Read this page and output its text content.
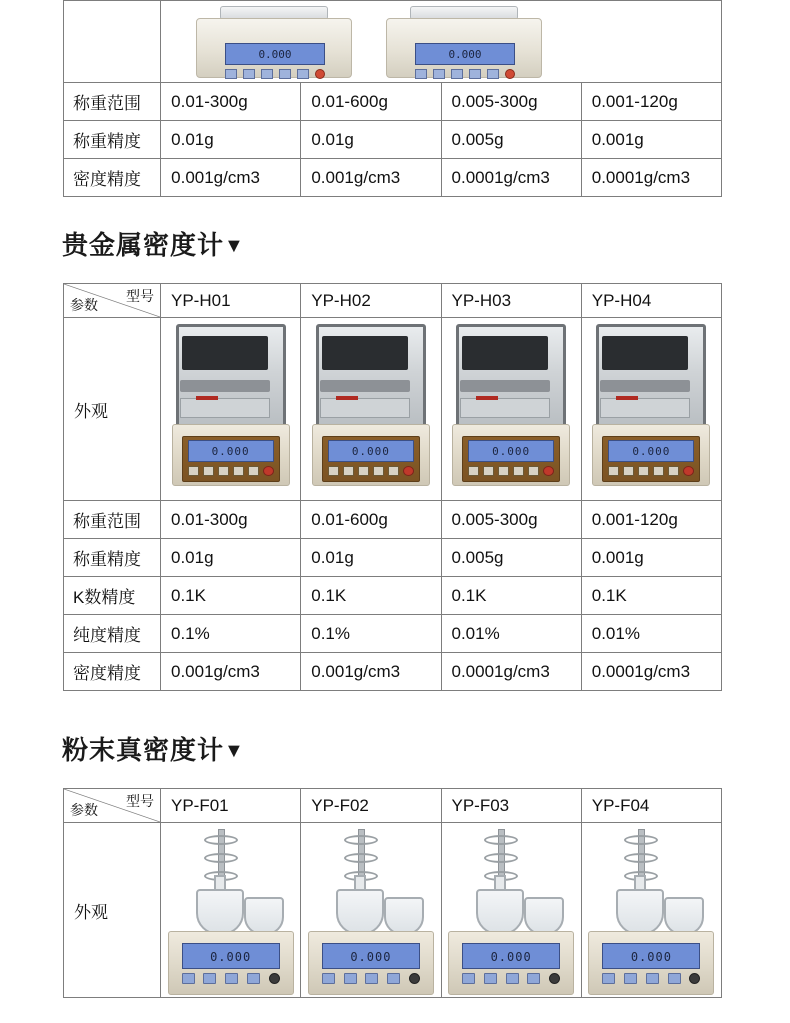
0.000	0.000
称重范围	0.01-300g	0.01-600g	0.005-300g	0.001-120g
称重精度	0.01g	0.01g	0.005g	0.001g
密度精度	0.001g/cm3	0.001g/cm3	0.0001g/cm3	0.0001g/cm3
贵金属密度计▼
型号
参数	YP-H01	YP-H02	YP-H03	YP-H04
外观	0.000	0.000	0.000	0.000

称重范围	0.01-300g	0.01-600g	0.005-300g	0.001-120g
称重精度	0.01g	0.01g	0.005g	0.001g
K数精度	0.1K	0.1K	0.1K	0.1K
纯度精度	0.1%	0.1%	0.01%	0.01%
密度精度	0.001g/cm3	0.001g/cm3	0.0001g/cm3	0.0001g/cm3
粉末真密度计▼
型号
参数	YP-F01	YP-F02	YP-F03	YP-F04
外观	0.000	0.000	0.000	0.000
